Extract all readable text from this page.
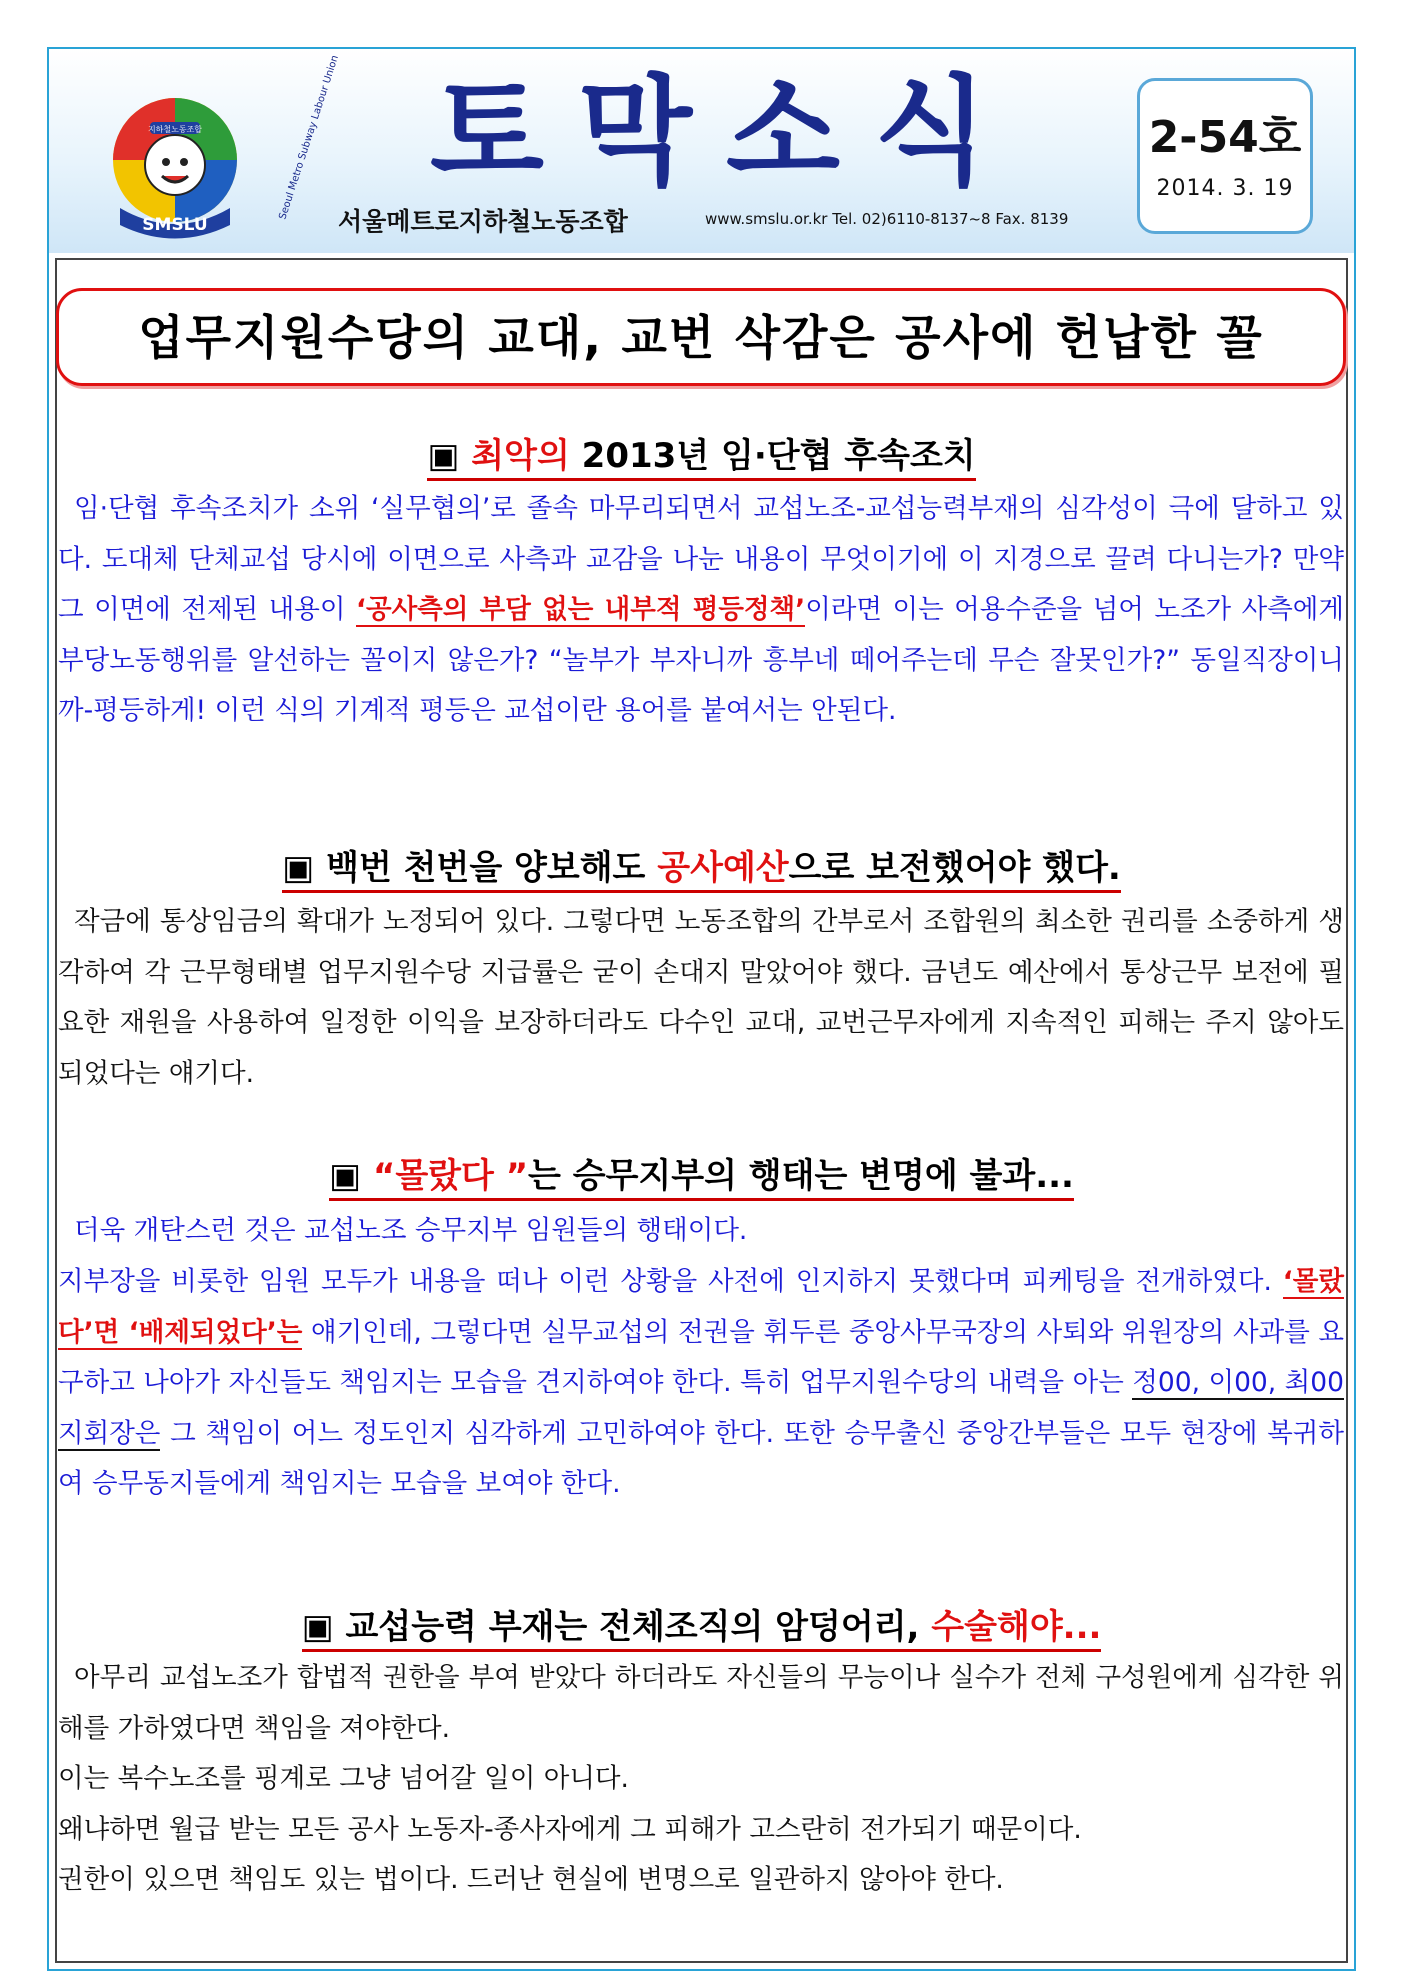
지하철노동조합
SMSLU
Seoul Metro Subway Labour Union 토막소식
서울메트로지하철노동조합	www.smslu.or.kr Tel. 02)6110-8137~8 Fax. 8139
2-54호
2014. 3. 19
업무지원수당의 교대, 교번 삭감은 공사에 헌납한 꼴
▣ 최악의 2013년 임·단협 후속조치
임·단협 후속조치가 소위 ‘실무협의’로 졸속 마무리되면서 교섭노조-교섭능력부재의 심각성이 극에 달하고 있다. 도대체 단체교섭 당시에 이면으로 사측과 교감을 나눈 내용이 무엇이기에 이 지경으로 끌려 다니는가? 만약 그 이면에 전제된 내용이 ‘공사측의 부담 없는 내부적 평등정책’이라면 이는 어용수준을 넘어 노조가 사측에게 부당노동행위를 알선하는 꼴이지 않은가? “놀부가 부자니까 흥부네 떼어주는데 무슨 잘못인가?” 동일직장이니까-평등하게! 이런 식의 기계적 평등은 교섭이란 용어를 붙여서는 안된다.
▣ 백번 천번을 양보해도 공사예산으로 보전했어야 했다.
작금에 통상임금의 확대가 노정되어 있다. 그렇다면 노동조합의 간부로서 조합원의 최소한 권리를 소중하게 생각하여 각 근무형태별 업무지원수당 지급률은 굳이 손대지 말았어야 했다. 금년도 예산에서 통상근무 보전에 필요한 재원을 사용하여 일정한 이익을 보장하더라도 다수인 교대, 교번근무자에게 지속적인 피해는 주지 않아도 되었다는 얘기다.
▣ “몰랐다 ”는 승무지부의 행태는 변명에 불과...
더욱 개탄스런 것은 교섭노조 승무지부 임원들의 행태이다.
지부장을 비롯한 임원 모두가 내용을 떠나 이런 상황을 사전에 인지하지 못했다며 피케팅을 전개하였다. ‘몰랐다’면 ‘배제되었다’는 얘기인데, 그렇다면 실무교섭의 전권을 휘두른 중앙사무국장의 사퇴와 위원장의 사과를 요구하고 나아가 자신들도 책임지는 모습을 견지하여야 한다. 특히 업무지원수당의 내력을 아는 정00, 이00, 최00 지회장은 그 책임이 어느 정도인지 심각하게 고민하여야 한다. 또한 승무출신 중앙간부들은 모두 현장에 복귀하여 승무동지들에게 책임지는 모습을 보여야 한다.
▣ 교섭능력 부재는 전체조직의 암덩어리, 수술해야...
아무리 교섭노조가 합법적 권한을 부여 받았다 하더라도 자신들의 무능이나 실수가 전체 구성원에게 심각한 위해를 가하였다면 책임을 져야한다.
이는 복수노조를 핑계로 그냥 넘어갈 일이 아니다.
왜냐하면 월급 받는 모든 공사 노동자-종사자에게 그 피해가 고스란히 전가되기 때문이다.
권한이 있으면 책임도 있는 법이다. 드러난 현실에 변명으로 일관하지 않아야 한다.
